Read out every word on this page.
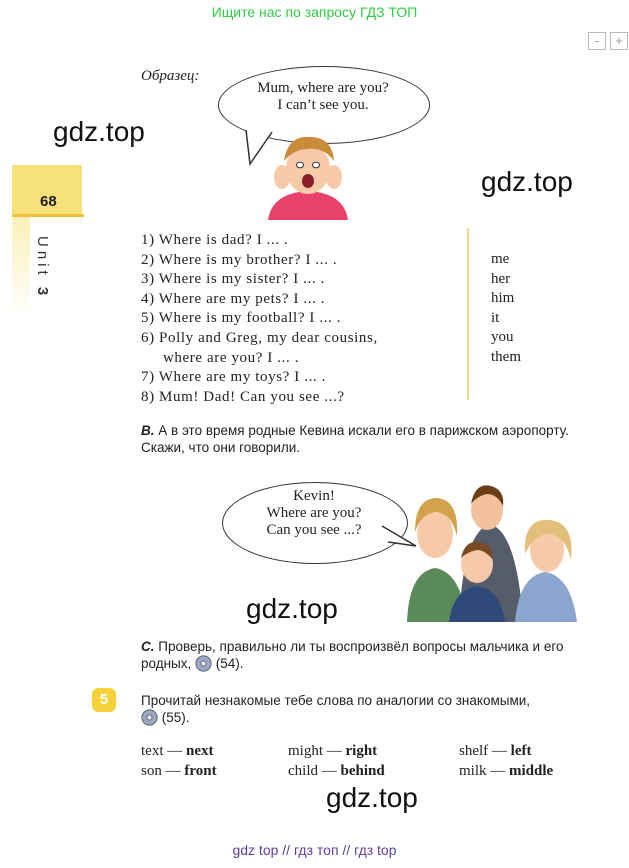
Ищите нас по запросу ГДЗ ТОП
-	+
68
Unit 3
gdz.top
gdz.top
gdz.top
gdz.top
Образец:
Mum, where are you?
I can’t see you.
1) Where is dad? I ... .
2) Where is my brother? I ... .
3) Where is my sister? I ... .
4) Where are my pets? I ... .
5) Where is my football? I ... .
6) Polly and Greg, my dear cousins,
where are you? I ... .
7) Where are my toys? I ... .
8) Mum! Dad! Can you see ...?
me
her
him
it
you
them
B. А в это время родные Кевина искали его в парижском аэропорту. Скажи, что они говорили.
Kevin!
Where are you?
Can you see ...?
C. Проверь, правильно ли ты воспроизвёл вопросы мальчика и его родных, (54).
5	Прочитай незнакомые тебе слова по аналогии со знакомыми,
(55).
text — next
son — front
might — right
child — behind
shelf — left
milk — middle
gdz top // гдз топ // гдз top
